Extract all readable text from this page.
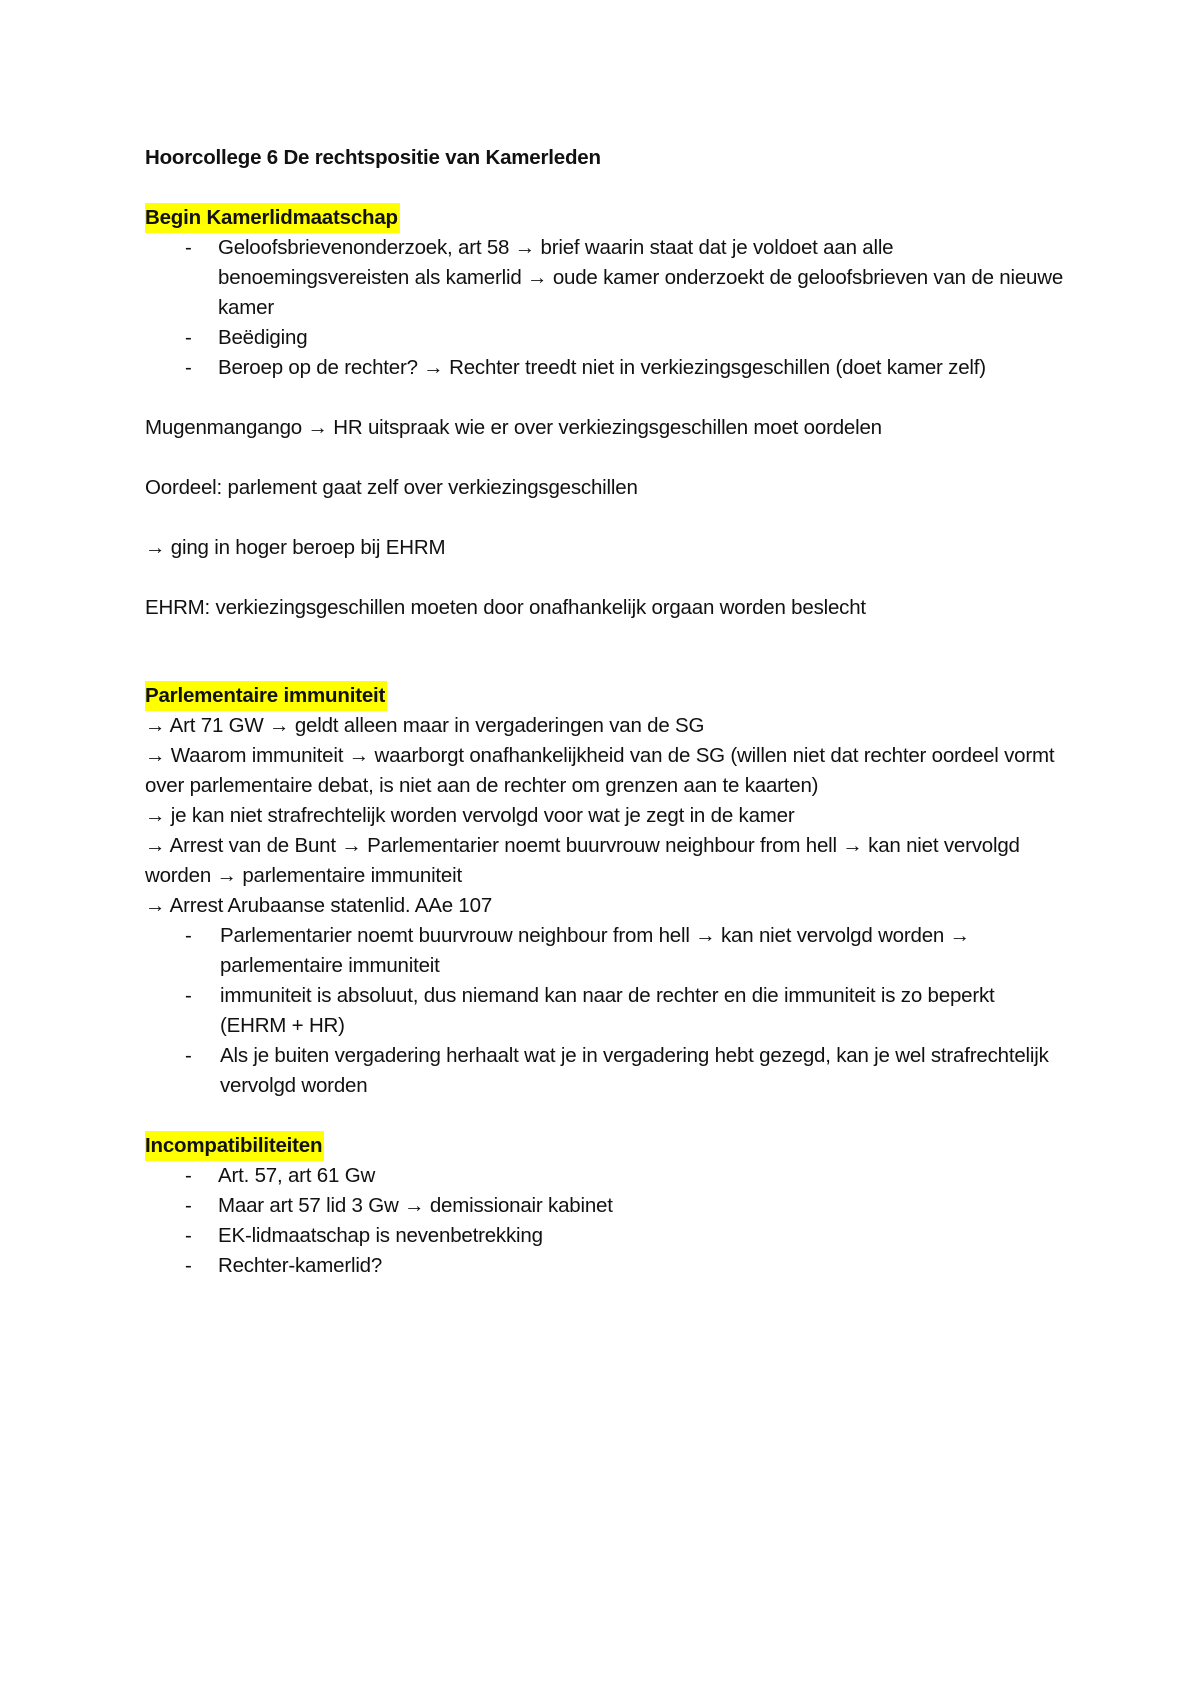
Hoorcollege 6 De rechtspositie van Kamerleden

Begin Kamerlidmaatschap
- Geloofsbrievenonderzoek, art 58 → brief waarin staat dat je voldoet aan alle benoemingsvereisten als kamerlid → oude kamer onderzoekt de geloofsbrieven van de nieuwe kamer
- Beëdiging
- Beroep op de rechter? → Rechter treedt niet in verkiezingsgeschillen (doet kamer zelf)

Mugenmangango → HR uitspraak wie er over verkiezingsgeschillen moet oordelen

Oordeel: parlement gaat zelf over verkiezingsgeschillen

→ ging in hoger beroep bij EHRM

EHRM: verkiezingsgeschillen moeten door onafhankelijk orgaan worden beslecht

Parlementaire immuniteit

→ Art 71 GW → geldt alleen maar in vergaderingen van de SG

→ Waarom immuniteit → waarborgt onafhankelijkheid van de SG (willen niet dat rechter oordeel vormt over parlementaire debat, is niet aan de rechter om grenzen aan te kaarten)

→ je kan niet strafrechtelijk worden vervolgd voor wat je zegt in de kamer

→ Arrest van de Bunt → Parlementarier noemt buurvrouw neighbour from hell → kan niet vervolgd worden → parlementaire immuniteit

→ Arrest Arubaanse statenlid. AAe 107

- Parlementarier noemt buurvrouw neighbour from hell → kan niet vervolgd worden → parlementaire immuniteit
- immuniteit is absoluut, dus niemand kan naar de rechter en die immuniteit is zo beperkt (EHRM + HR)
- Als je buiten vergadering herhaalt wat je in vergadering hebt gezegd, kan je wel strafrechtelijk vervolgd worden
Incompatibiliteiten
- Art. 57, art 61 Gw
- Maar art 57 lid 3 Gw → demissionair kabinet
- EK-lidmaatschap is nevenbetrekking
- Rechter-kamerlid?
